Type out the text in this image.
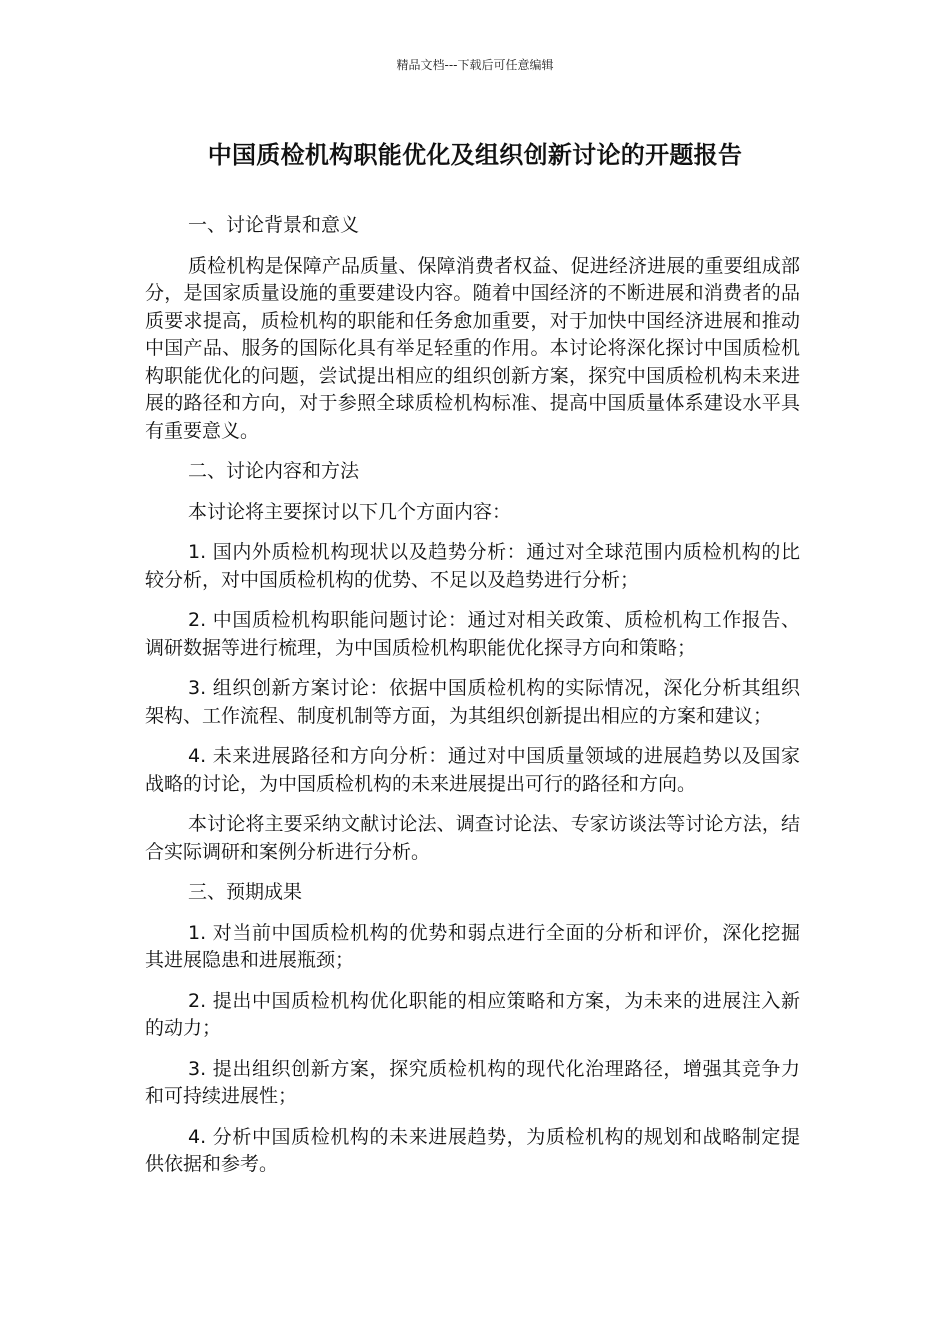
精品文档---下载后可任意编辑
中国质检机构职能优化及组织创新讨论的开题报告

一、讨论背景和意义

质检机构是保障产品质量、保障消费者权益、促进经济进展的重要组成部分，是国家质量设施的重要建设内容。随着中国经济的不断进展和消费者的品质要求提高，质检机构的职能和任务愈加重要，对于加快中国经济进展和推动中国产品、服务的国际化具有举足轻重的作用。本讨论将深化探讨中国质检机构职能优化的问题，尝试提出相应的组织创新方案，探究中国质检机构未来进展的路径和方向，对于参照全球质检机构标准、提高中国质量体系建设水平具有重要意义。

二、讨论内容和方法

本讨论将主要探讨以下几个方面内容：

1. 国内外质检机构现状以及趋势分析：通过对全球范围内质检机构的比较分析，对中国质检机构的优势、不足以及趋势进行分析；

2. 中国质检机构职能问题讨论：通过对相关政策、质检机构工作报告、调研数据等进行梳理，为中国质检机构职能优化探寻方向和策略；

3. 组织创新方案讨论：依据中国质检机构的实际情况，深化分析其组织架构、工作流程、制度机制等方面，为其组织创新提出相应的方案和建议；

4. 未来进展路径和方向分析：通过对中国质量领域的进展趋势以及国家战略的讨论，为中国质检机构的未来进展提出可行的路径和方向。

本讨论将主要采纳文献讨论法、调查讨论法、专家访谈法等讨论方法，结合实际调研和案例分析进行分析。

三、预期成果

1. 对当前中国质检机构的优势和弱点进行全面的分析和评价，深化挖掘其进展隐患和进展瓶颈；

2. 提出中国质检机构优化职能的相应策略和方案，为未来的进展注入新的动力；

3. 提出组织创新方案，探究质检机构的现代化治理路径，增强其竞争力和可持续进展性；

4. 分析中国质检机构的未来进展趋势，为质检机构的规划和战略制定提供依据和参考。
